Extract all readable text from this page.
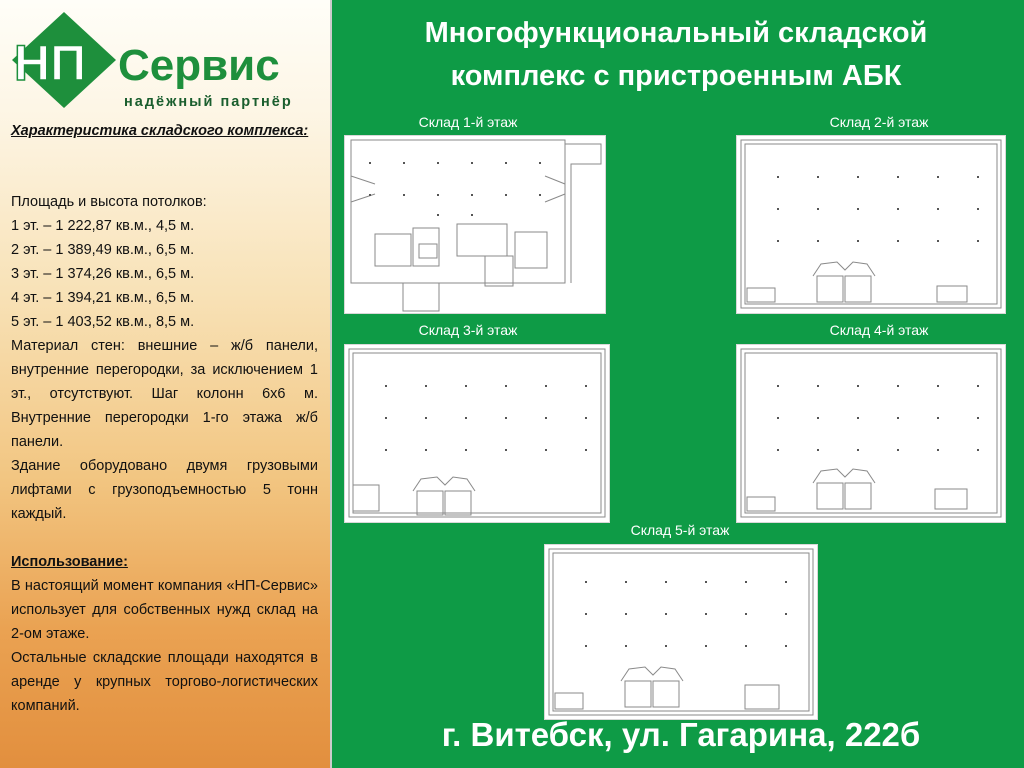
НП Сервис
надёжный партнёр
Характеристика складского комплекса:

Площадь и высота потолков:

1 эт. – 1 222,87 кв.м., 4,5 м.

2 эт. – 1 389,49 кв.м., 6,5 м.

3 эт. – 1 374,26 кв.м., 6,5 м.

4 эт. – 1 394,21 кв.м., 6,5 м.

5 эт. – 1 403,52 кв.м., 8,5 м.

Материал стен: внешние – ж/б панели, внутренние перегородки, за исключением 1 эт., отсутствуют. Шаг колонн 6х6 м. Внутренние перегородки 1-го этажа ж/б панели.

Здание оборудовано двумя грузовыми лифтами с грузоподъемностью 5 тонн каждый.

Использование:

В настоящий момент компания «НП-Сервис» использует для собственных нужд склад на 2-ом этаже.

Остальные складские площади находятся в аренде у крупных торгово-логистических компаний.

Многофункциональный складской
комплекс с пристроенным АБК
Склад 1-й этаж	Склад 2-й этаж
Склад 3-й этаж	Склад 4-й этаж
Склад 5-й этаж
г. Витебск, ул. Гагарина, 222б
